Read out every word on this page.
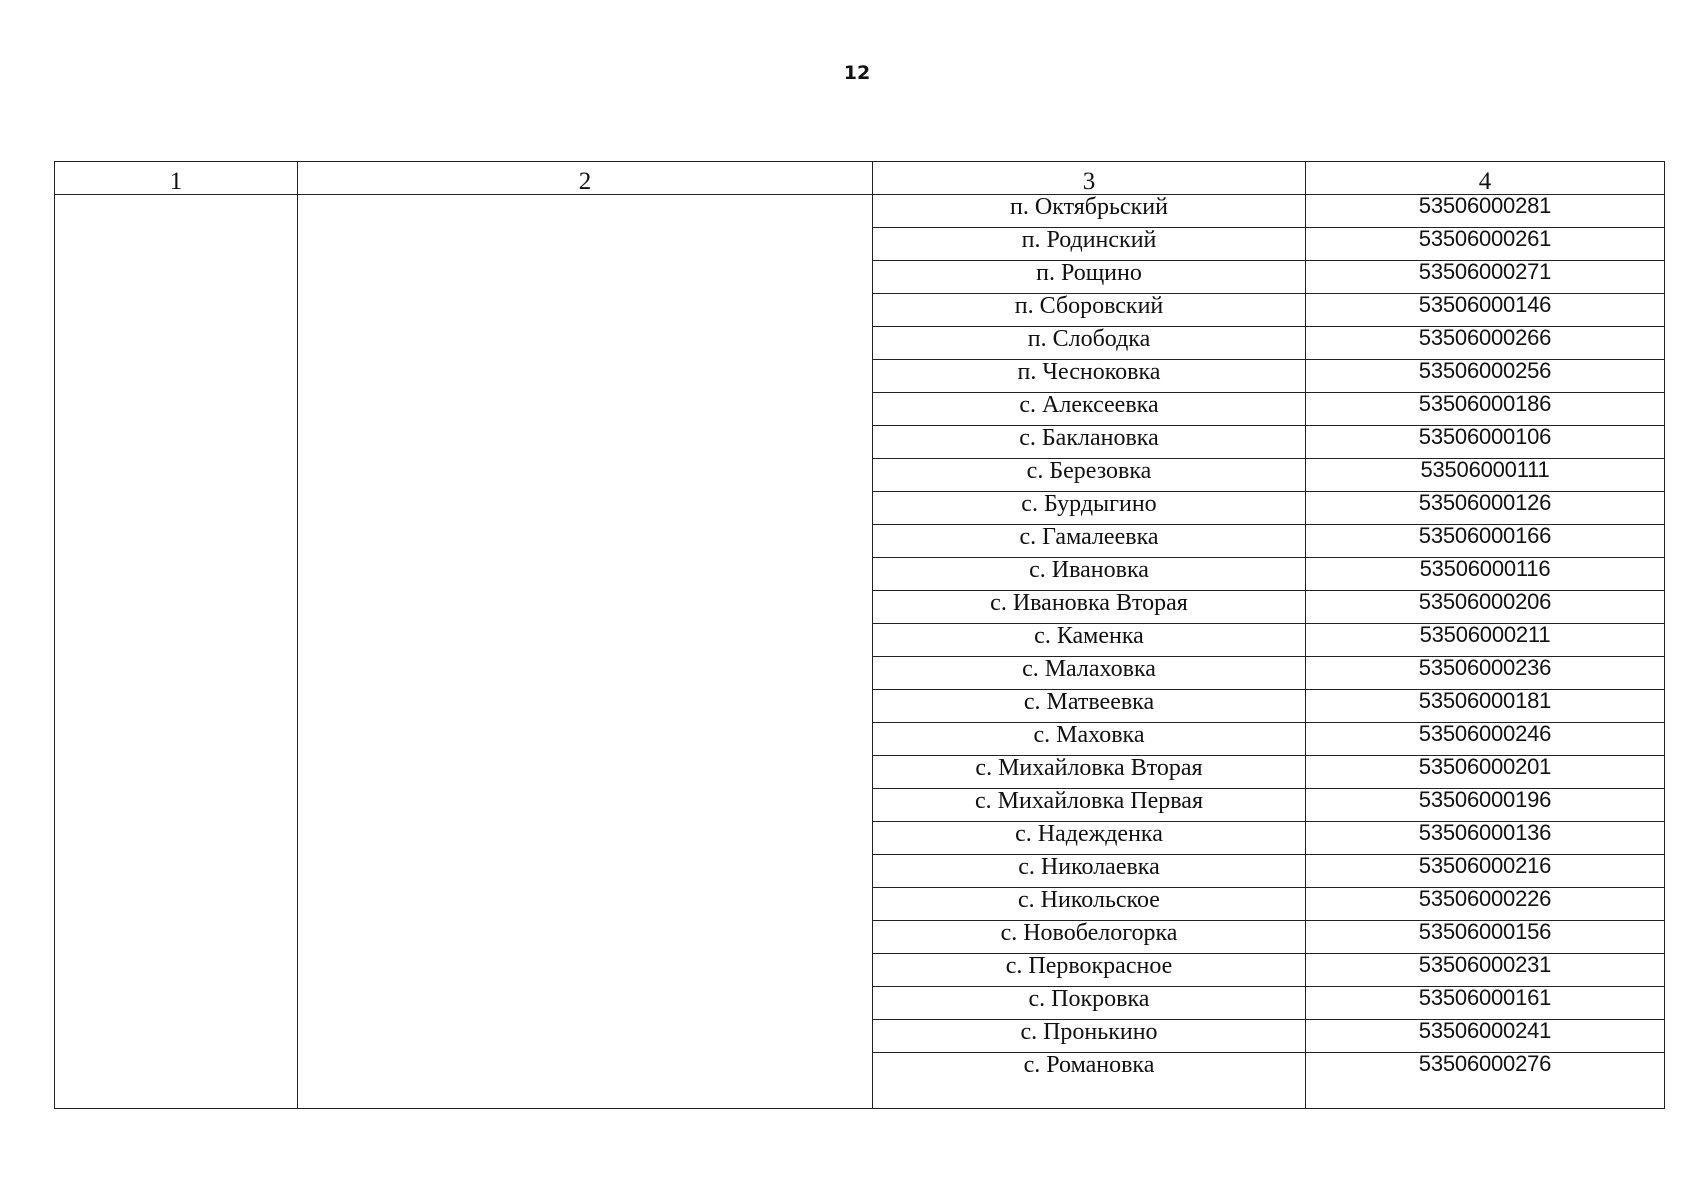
12
1	2	3	4
		п. Октябрьский	53506000281
		п. Родинский	53506000261
		п. Рощино	53506000271
		п. Сборовский	53506000146
		п. Слободка	53506000266
		п. Чесноковка	53506000256
		с. Алексеевка	53506000186
		с. Баклановка	53506000106
		с. Березовка	53506000111
		с. Бурдыгино	53506000126
		с. Гамалеевка	53506000166
		с. Ивановка	53506000116
		с. Ивановка Вторая	53506000206
		с. Каменка	53506000211
		с. Малаховка	53506000236
		с. Матвеевка	53506000181
		с. Маховка	53506000246
		с. Михайловка Вторая	53506000201
		с. Михайловка Первая	53506000196
		с. Надежденка	53506000136
		с. Николаевка	53506000216
		с. Никольское	53506000226
		с. Новобелогорка	53506000156
		с. Первокрасное	53506000231
		с. Покровка	53506000161
		с. Пронькино	53506000241
		с. Романовка	53506000276
